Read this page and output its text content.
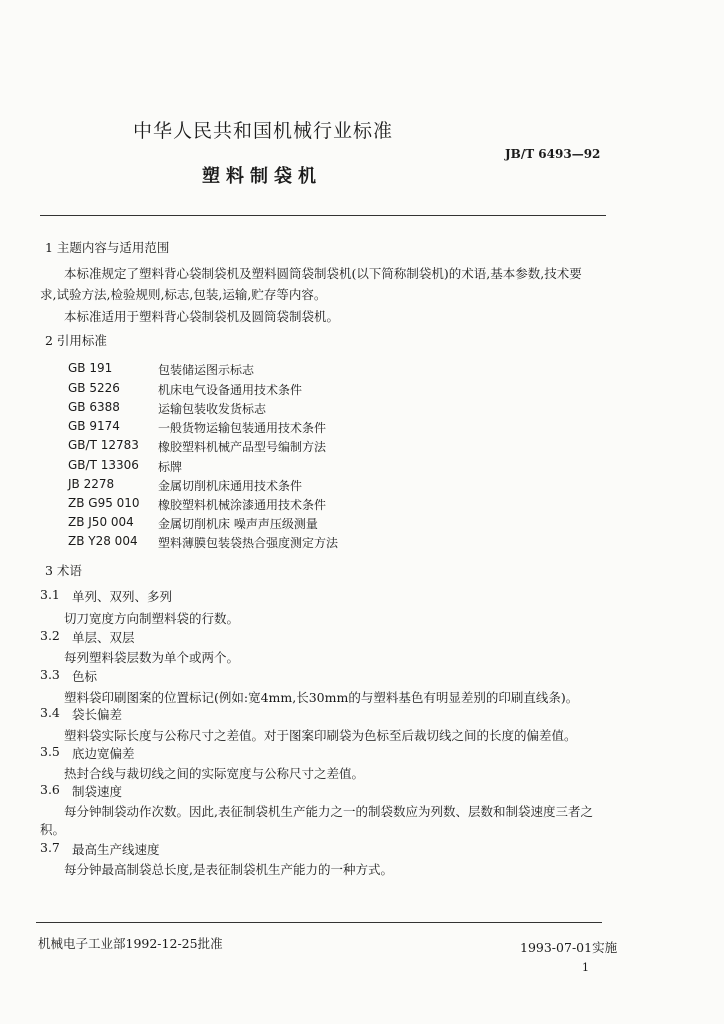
中华人民共和国机械行业标准
JB/T 6493—92
塑料制袋机
1 主题内容与适用范围
本标准规定了塑料背心袋制袋机及塑料圆筒袋制袋机(以下简称制袋机)的术语,基本参数,技术要
求,试验方法,检验规则,标志,包装,运输,贮存等内容。
本标准适用于塑料背心袋制袋机及圆筒袋制袋机。
2 引用标准
GB 191	包装储运图示标志
GB 5226	机床电气设备通用技术条件
GB 6388	运输包装收发货标志
GB 9174	一般货物运输包装通用技术条件
GB/T 12783 橡胶塑料机械产品型号编制方法
GB/T 13306 标牌
JB 2278	金属切削机床通用技术条件
ZB G95 010 橡胶塑料机械涂漆通用技术条件
ZB J50 004 金属切削机床 噪声声压级测量
ZB Y28 004 塑料薄膜包装袋热合强度测定方法
3 术语
3.1 单列、双列、多列
切刀宽度方向制塑料袋的行数。
3.2 单层、双层
每列塑料袋层数为单个或两个。
3.3 色标
塑料袋印刷图案的位置标记(例如:宽4mm,长30mm的与塑料基色有明显差别的印刷直线条)。
3.4 袋长偏差
塑料袋实际长度与公称尺寸之差值。对于图案印刷袋为色标至后裁切线之间的长度的偏差值。
3.5 底边宽偏差
热封合线与裁切线之间的实际宽度与公称尺寸之差值。
3.6 制袋速度
每分钟制袋动作次数。因此,表征制袋机生产能力之一的制袋数应为列数、层数和制袋速度三者之
积。
3.7 最高生产线速度
每分钟最高制袋总长度,是表征制袋机生产能力的一种方式。
机械电子工业部1992-12-25批准	1993-07-01实施
1
